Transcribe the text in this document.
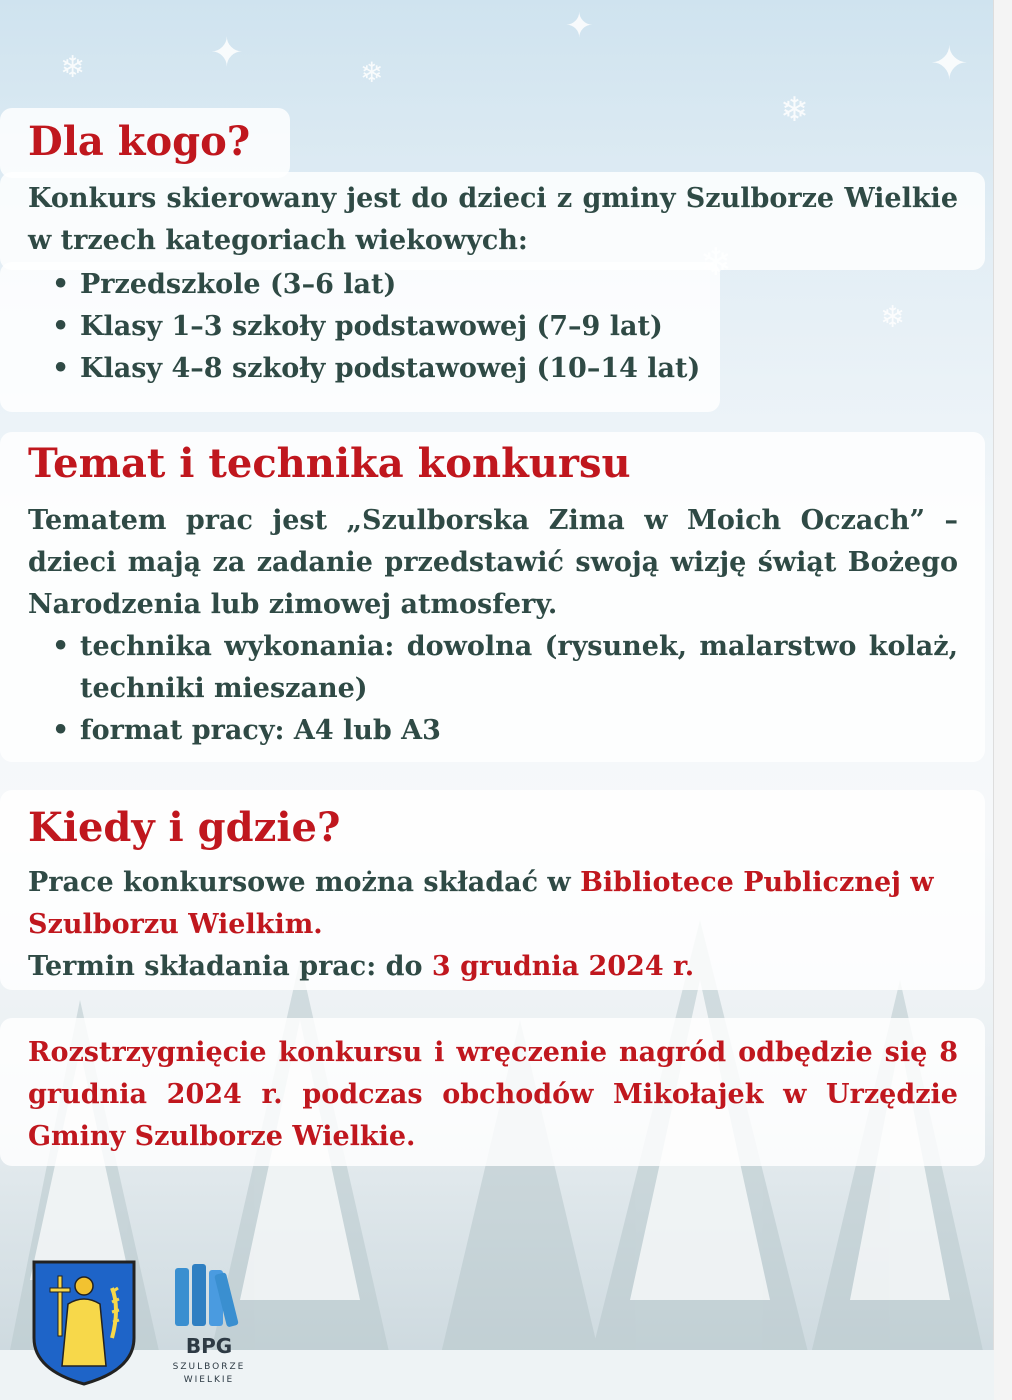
✦
✦
✦
❄	❄
❄
❄
Dla kogo?

Konkurs skierowany jest do dzieci z gminy Szulborze Wielkie w trzech kategoriach wiekowych:

• Przedszkole (3–6 lat)
• Klasy 1–3 szkoły podstawowej (7–9 lat)
• Klasy 4–8 szkoły podstawowej (10–14 lat)
Temat i technika konkursu

Tematem prac jest „Szulborska Zima w Moich Oczach” – dzieci mają za zadanie przedstawić swoją wizję świąt Bożego Narodzenia lub zimowej atmosfery.

• technika wykonania: dowolna (rysunek, malarstwo kolaż, techniki mieszane)
• format pracy: A4 lub A3
Kiedy i gdzie?

Prace konkursowe można składać w Bibliotece Publicznej w Szulborzu Wielkim.

Termin składania prac: do 3 grudnia 2024 r.

Rozstrzygnięcie konkursu i wręczenie nagród odbędzie się 8 grudnia 2024 r. podczas obchodów Mikołajek w Urzędzie Gminy Szulborze Wielkie.

BPG
SZULBORZE
WIELKIE
